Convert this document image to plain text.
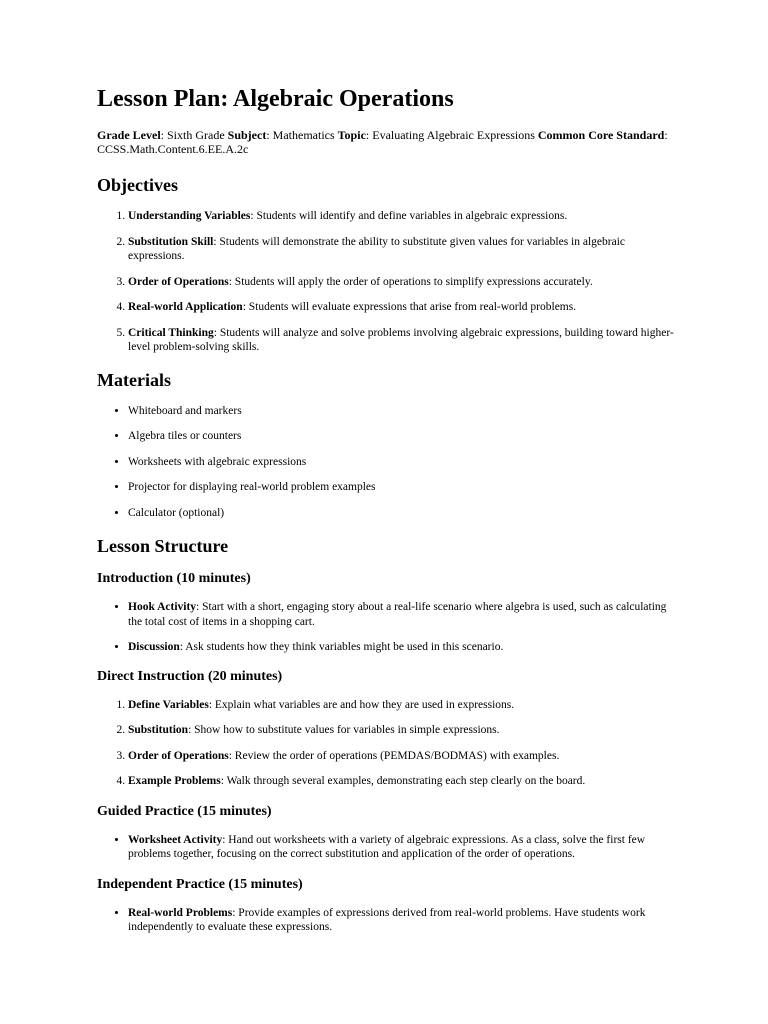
Lesson Plan: Algebraic Operations

Grade Level: Sixth Grade Subject: Mathematics Topic: Evaluating Algebraic Expressions Common Core Standard: CCSS.Math.Content.6.EE.A.2c

Objectives
1. Understanding Variables: Students will identify and define variables in algebraic expressions.
2. Substitution Skill: Students will demonstrate the ability to substitute given values for variables in algebraic expressions.
3. Order of Operations: Students will apply the order of operations to simplify expressions accurately.
4. Real-world Application: Students will evaluate expressions that arise from real-world problems.
5. Critical Thinking: Students will analyze and solve problems involving algebraic expressions, building toward higher-level problem-solving skills.
Materials
• Whiteboard and markers
• Algebra tiles or counters
• Worksheets with algebraic expressions
• Projector for displaying real-world problem examples
• Calculator (optional)
Lesson Structure
Introduction (10 minutes)
• Hook Activity: Start with a short, engaging story about a real-life scenario where algebra is used, such as calculating the total cost of items in a shopping cart.
• Discussion: Ask students how they think variables might be used in this scenario.
Direct Instruction (20 minutes)
1. Define Variables: Explain what variables are and how they are used in expressions.
2. Substitution: Show how to substitute values for variables in simple expressions.
3. Order of Operations: Review the order of operations (PEMDAS/BODMAS) with examples.
4. Example Problems: Walk through several examples, demonstrating each step clearly on the board.
Guided Practice (15 minutes)
• Worksheet Activity: Hand out worksheets with a variety of algebraic expressions. As a class, solve the first few problems together, focusing on the correct substitution and application of the order of operations.
Independent Practice (15 minutes)
• Real-world Problems: Provide examples of expressions derived from real-world problems. Have students work independently to evaluate these expressions.
